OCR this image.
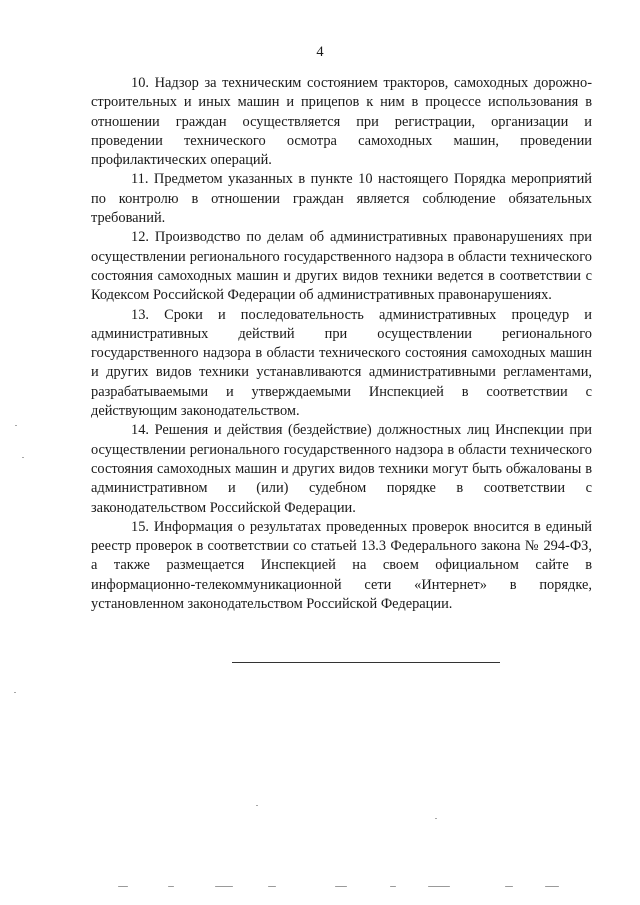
4

10. Надзор за техническим состоянием тракторов, самоходных дорожно-строительных и иных машин и прицепов к ним в процессе использования в отношении граждан осуществляется при регистрации, организации и проведении технического осмотра самоходных машин, проведении профилактических операций.

11. Предметом указанных в пункте 10 настоящего Порядка мероприятий по контролю в отношении граждан является соблюдение обязательных требований.

12. Производство по делам об административных правонарушениях при осуществлении регионального государственного надзора в области технического состояния самоходных машин и других видов техники ведется в соответствии с Кодексом Российской Федерации об административных правонарушениях.

13. Сроки и последовательность административных процедур и административных действий при осуществлении регионального государственного надзора в области технического состояния самоходных машин и других видов техники устанавливаются административными регламентами, разрабатываемыми и утверждаемыми Инспекцией в соответствии с действующим законодательством.

14. Решения и действия (бездействие) должностных лиц Инспекции при осуществлении регионального государственного надзора в области технического состояния самоходных машин и других видов техники могут быть обжалованы в административном и (или) судебном порядке в соответствии с законодательством Российской Федерации.

15. Информация о результатах проведенных проверок вносится в единый реестр проверок в соответствии со статьей 13.3 Федерального закона № 294-ФЗ, а также размещается Инспекцией на своем официальном сайте в информационно-телекоммуникационной сети «Интернет» в порядке, установленном законодательством Российской Федерации.
